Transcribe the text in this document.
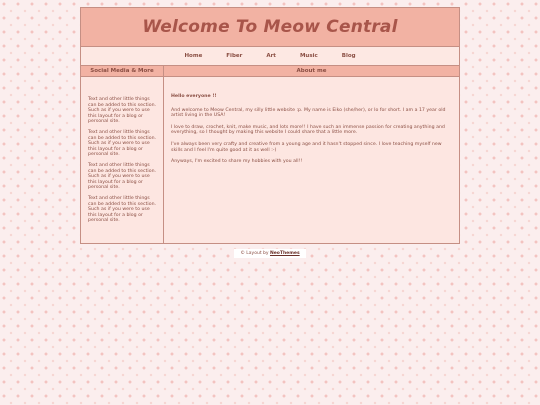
Welcome To Meow Central
Home	Fiber	Art	Music	Blog
Social Media & More

Text and other little things can be added to this section. Such as if you were to use this layout for a blog or personal site.

Text and other little things can be added to this section. Such as if you were to use this layout for a blog or personal site.

Text and other little things can be added to this section. Such as if you were to use this layout for a blog or personal site.

Text and other little things can be added to this section. Such as if you were to use this layout for a blog or personal site.

About me

Hello everyone !!

And welcome to Meow Central, my silly little website :p. My name is Eiko (she/her), or Io for short. I am a 17 year old artist living in the USA!

I love to draw, crochet, knit, make music, and lots more!! I have such an immense passion for creating anything and everything, so I thought by making this website I could share that a little more.

I've always been very crafty and creative from a young age and it hasn't stopped since. I love teaching myself new skills and I feel I'm quite good at it as well :-)

Anyways, I'm excited to share my hobbies with you all!!

© Layout by NeoThemes
